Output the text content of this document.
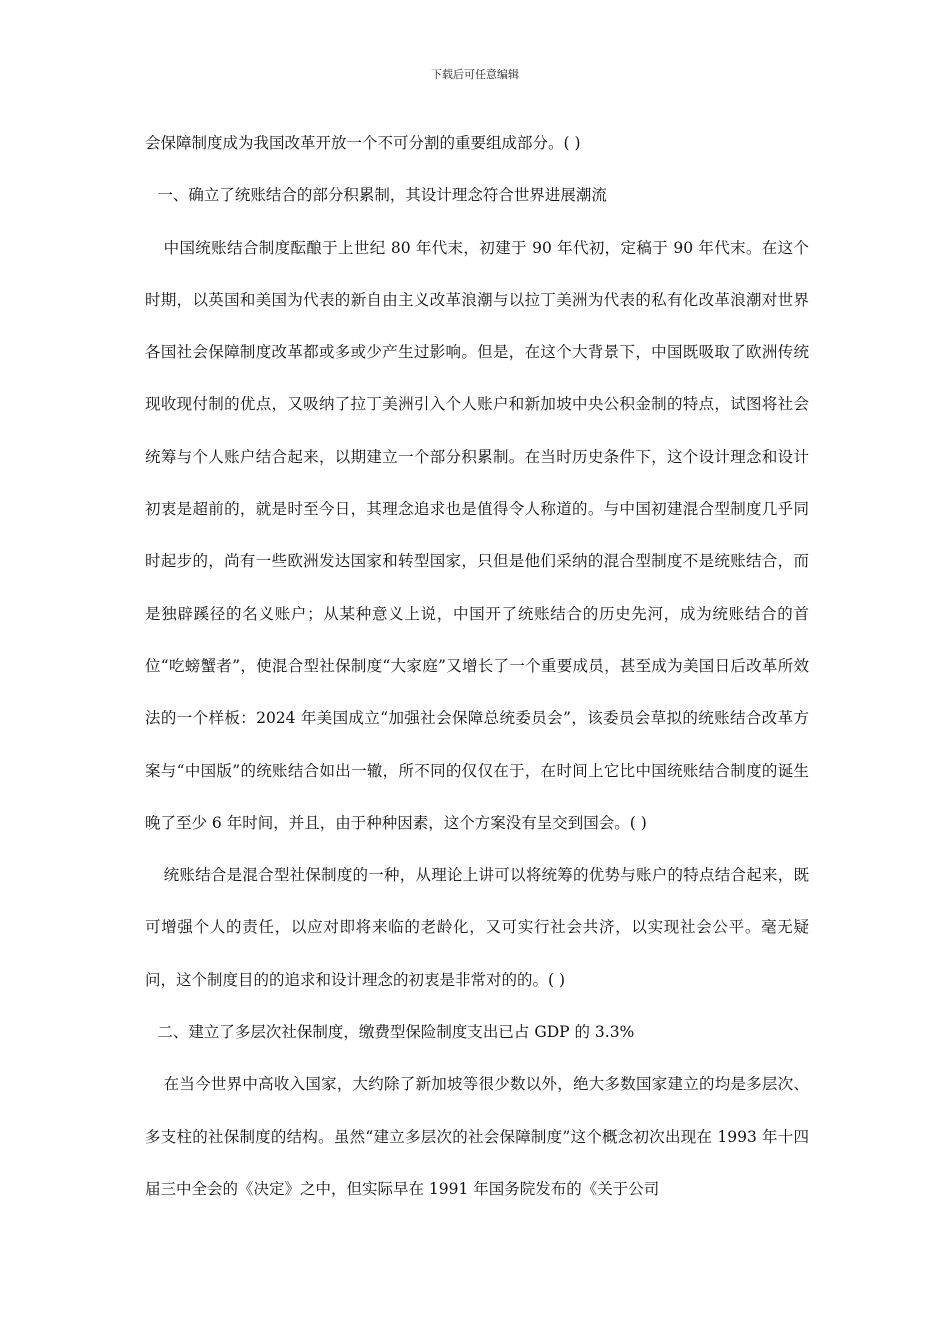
下载后可任意编辑

会保障制度成为我国改革开放一个不可分割的重要组成部分。( )

一、确立了统账结合的部分积累制，其设计理念符合世界进展潮流

中国统账结合制度酝酿于上世纪 80 年代末，初建于 90 年代初，定稿于 90 年代末。在这个时期，以英国和美国为代表的新自由主义改革浪潮与以拉丁美洲为代表的私有化改革浪潮对世界各国社会保障制度改革都或多或少产生过影响。但是，在这个大背景下，中国既吸取了欧洲传统现收现付制的优点，又吸纳了拉丁美洲引入个人账户和新加坡中央公积金制的特点，试图将社会统筹与个人账户结合起来，以期建立一个部分积累制。在当时历史条件下，这个设计理念和设计初衷是超前的，就是时至今日，其理念追求也是值得令人称道的。与中国初建混合型制度几乎同时起步的，尚有一些欧洲发达国家和转型国家，只但是他们采纳的混合型制度不是统账结合，而是独辟蹊径的名义账户；从某种意义上说，中国开了统账结合的历史先河，成为统账结合的首位“吃螃蟹者”，使混合型社保制度“大家庭”又增长了一个重要成员，甚至成为美国日后改革所效法的一个样板：2024 年美国成立“加强社会保障总统委员会”，该委员会草拟的统账结合改革方案与“中国版”的统账结合如出一辙，所不同的仅仅在于，在时间上它比中国统账结合制度的诞生晚了至少 6 年时间，并且，由于种种因素，这个方案没有呈交到国会。( )

统账结合是混合型社保制度的一种，从理论上讲可以将统筹的优势与账户的特点结合起来，既可增强个人的责任，以应对即将来临的老龄化，又可实行社会共济，以实现社会公平。毫无疑问，这个制度目的的追求和设计理念的初衷是非常对的的。( )

二、建立了多层次社保制度，缴费型保险制度支出已占 GDP 的 3.3%

在当今世界中高收入国家，大约除了新加坡等很少数以外，绝大多数国家建立的均是多层次、多支柱的社保制度的结构。虽然“建立多层次的社会保障制度”这个概念初次出现在 1993 年十四届三中全会的《决定》之中，但实际早在 1991 年国务院发布的《关于公司
